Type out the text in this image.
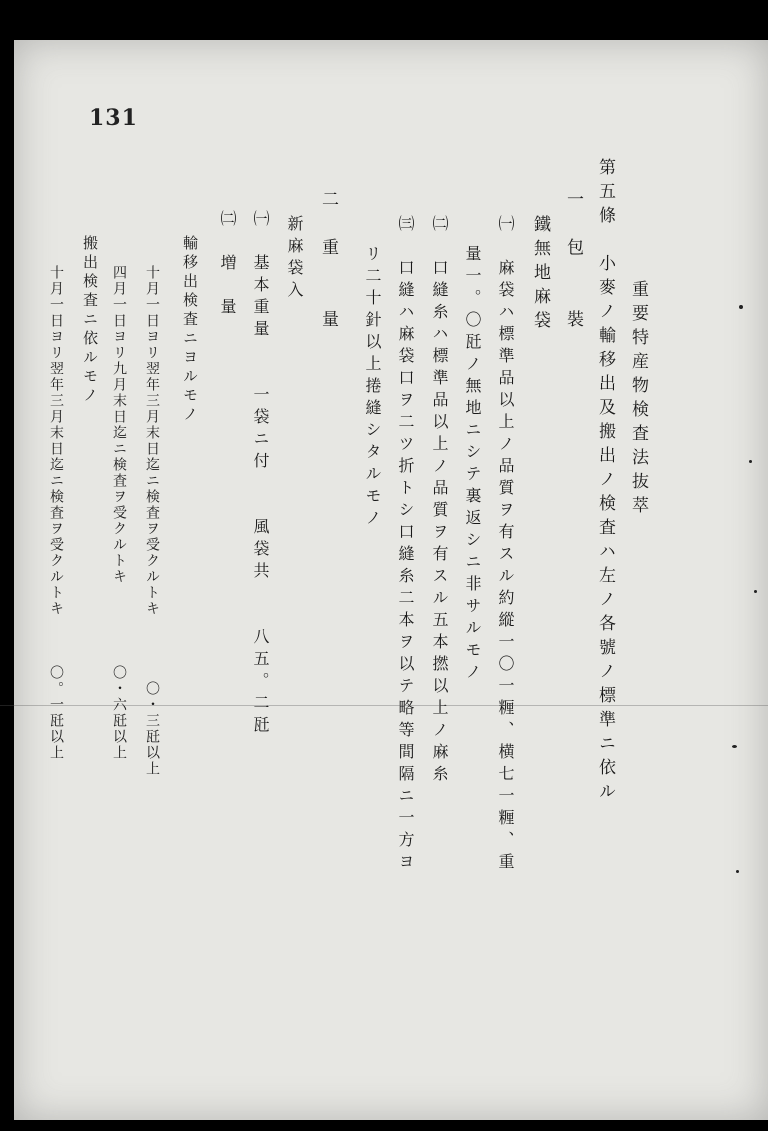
131
重要特産物検査法抜萃
第五條　小麥ノ輸移出及搬出ノ検査ハ左ノ各號ノ標準ニ依ル
一　包　　裝
鐵無地麻袋
㈠　麻袋ハ標準品以上ノ品質ヲ有スル約縱一〇一糎、横七一糎、重
量一。〇瓩ノ無地ニシテ裏返シニ非サルモノ
㈡　口縫糸ハ標準品以上ノ品質ヲ有スル五本撚以上ノ麻糸
㈢　口縫ハ麻袋口ヲ二ツ折トシ口縫糸二本ヲ以テ略等間隔ニ一方ヨ
リ二十針以上捲縫シタルモノ
二　重　　量
新麻袋入
㈠　基本重量　　一袋ニ付　　風袋共　　八五。二瓩
㈡　増　量
輸移出検査ニヨルモノ
十月一日ヨリ翌年三月末日迄ニ検査ヲ受クルトキ　　　　〇・三瓩以上
四月一日ヨリ九月末日迄ニ検査ヲ受クルトキ　　　　　〇・六瓩以上
搬出検査ニ依ルモノ
十月一日ヨリ翌年三月末日迄ニ検査ヲ受クルトキ　　　〇。一瓩以上
